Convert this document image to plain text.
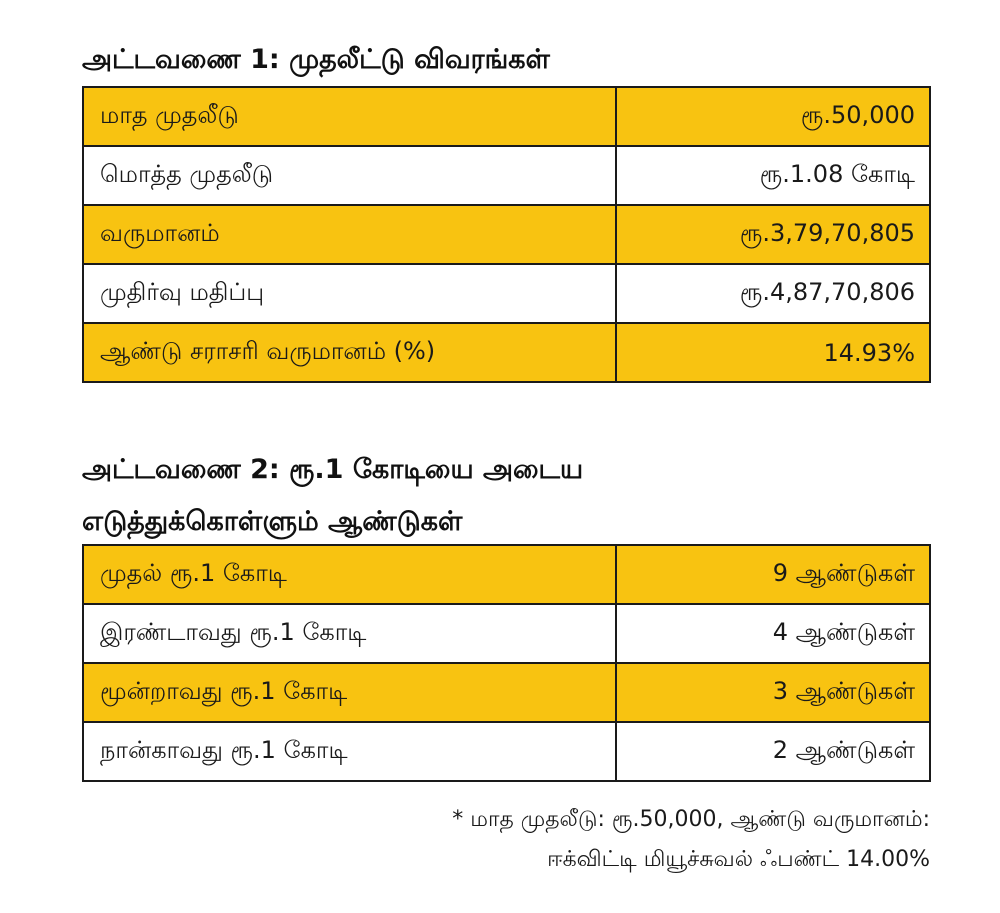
அட்டவணை 1: முதலீட்டு விவரங்கள்
மாத முதலீடு	ரூ.50,000
மொத்த முதலீடு	ரூ.1.08 கோடி
வருமானம்	ரூ.3,79,70,805
முதிர்வு மதிப்பு	ரூ.4,87,70,806
ஆண்டு சராசரி வருமானம் (%)	14.93%
அட்டவணை 2: ரூ.1 கோடியை அடைய
எடுத்துக்கொள்ளும் ஆண்டுகள்
முதல் ரூ.1 கோடி	9 ஆண்டுகள்
இரண்டாவது ரூ.1 கோடி	4 ஆண்டுகள்
மூன்றாவது ரூ.1 கோடி	3 ஆண்டுகள்
நான்காவது ரூ.1 கோடி	2 ஆண்டுகள்
* மாத முதலீடு: ரூ.50,000, ஆண்டு வருமானம்:
ஈக்விட்டி மியூச்சுவல் ஃபண்ட் 14.00%
